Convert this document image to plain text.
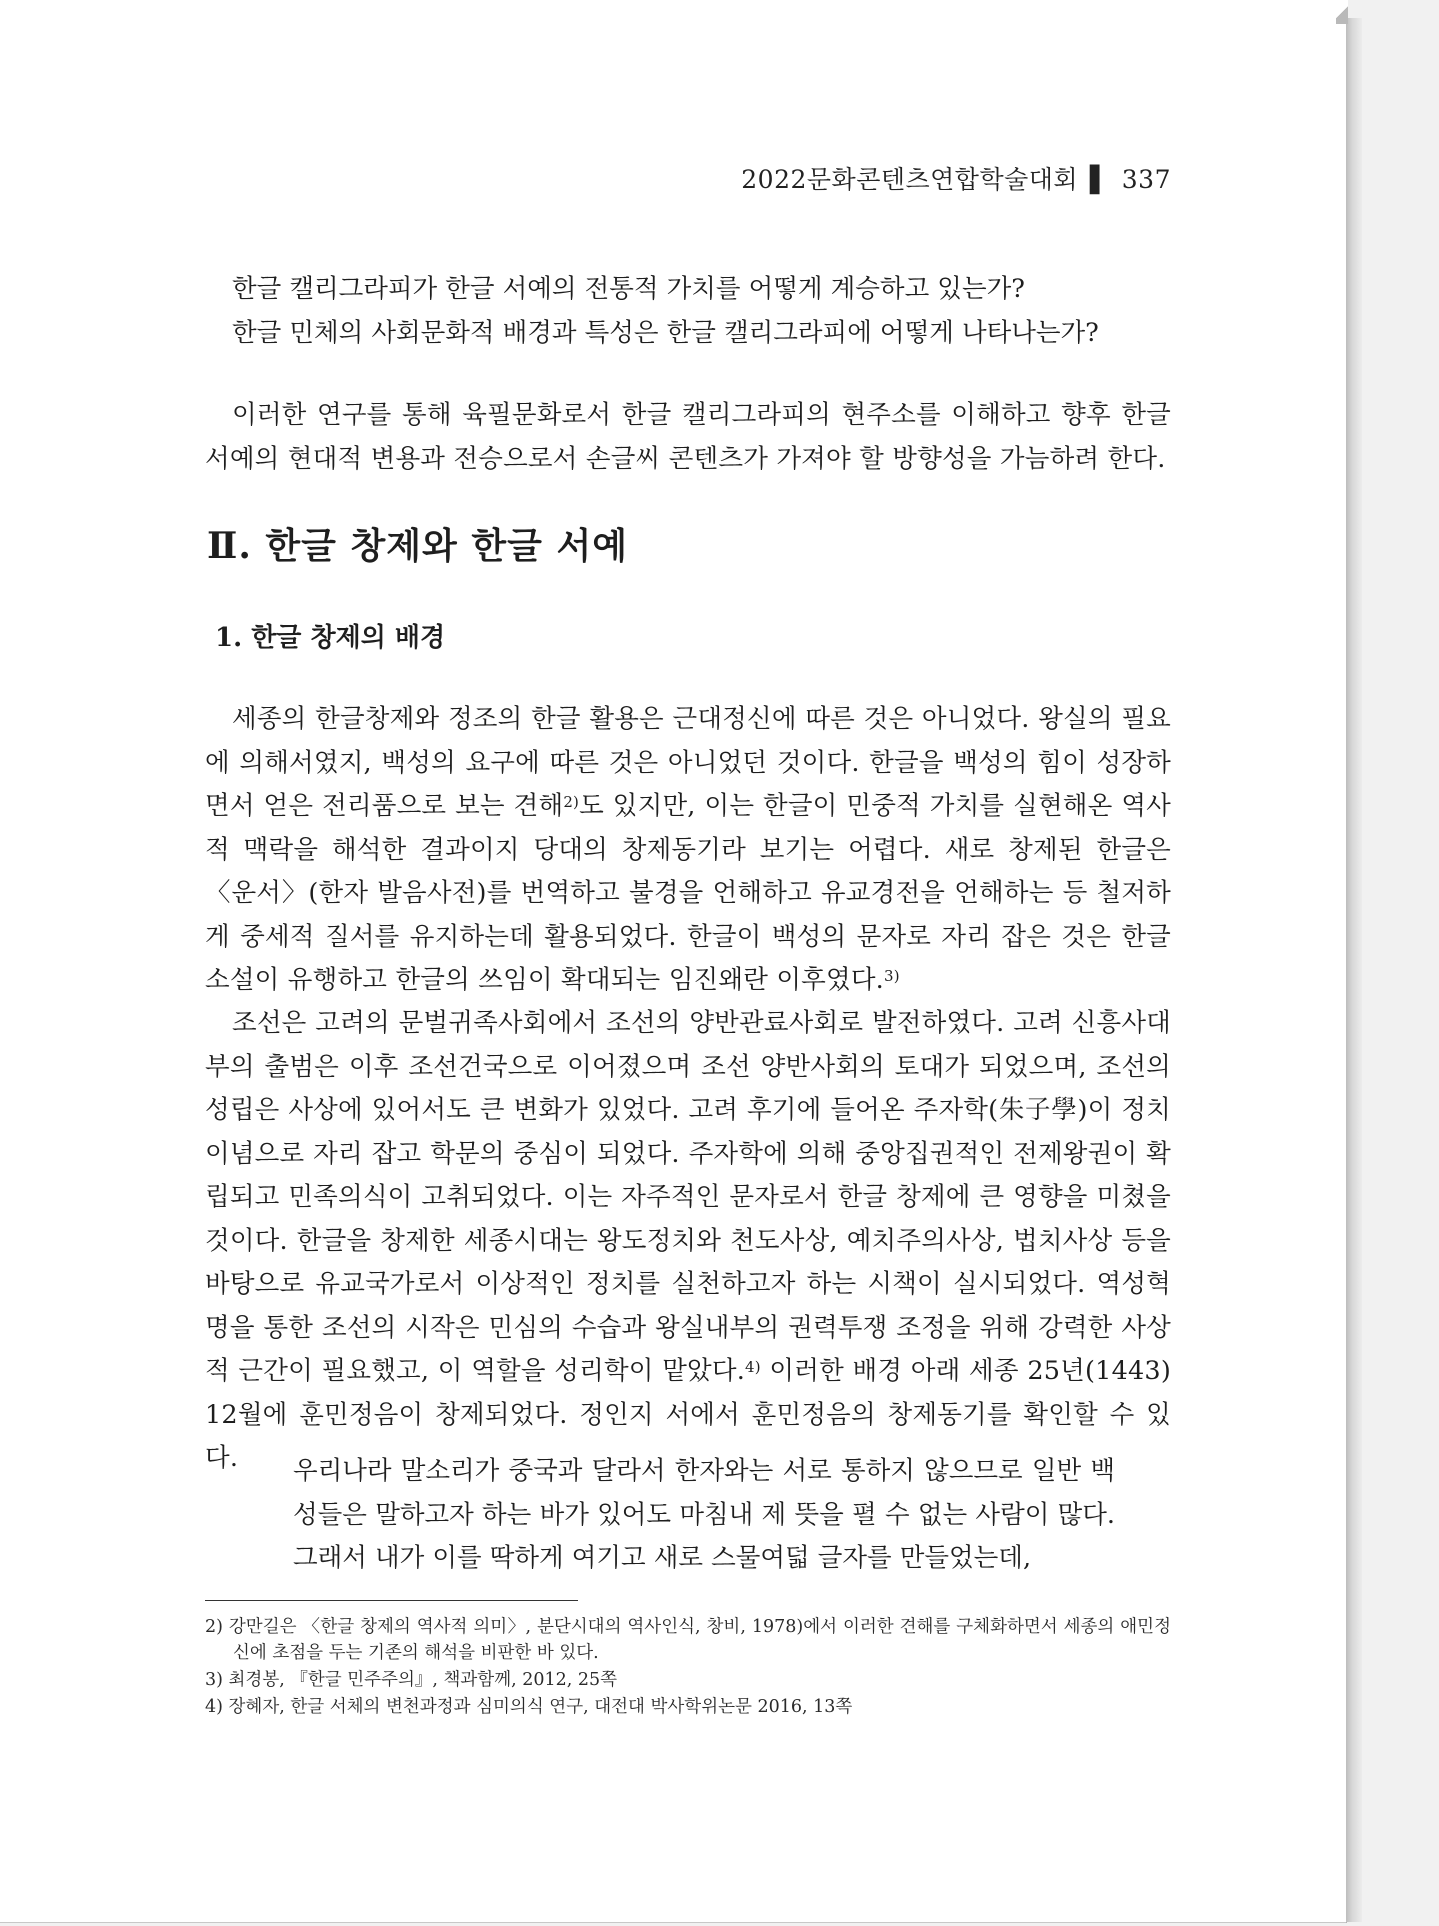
2022문화콘텐츠연합학술대회 ▌ 337

한글 캘리그라피가 한글 서예의 전통적 가치를 어떻게 계승하고 있는가?

한글 민체의 사회문화적 배경과 특성은 한글 캘리그라피에 어떻게 나타나는가?

이러한 연구를 통해 육필문화로서 한글 캘리그라피의 현주소를 이해하고 향후 한글 서예의 현대적 변용과 전승으로서 손글씨 콘텐츠가 가져야 할 방향성을 가늠하려 한다.

Ⅱ. 한글 창제와 한글 서예
1. 한글 창제의 배경

세종의 한글창제와 정조의 한글 활용은 근대정신에 따른 것은 아니었다. 왕실의 필요에 의해서였지, 백성의 요구에 따른 것은 아니었던 것이다. 한글을 백성의 힘이 성장하면서 얻은 전리품으로 보는 견해$^{2)}$도 있지만, 이는 한글이 민중적 가치를 실현해온 역사적 맥락을 해석한 결과이지 당대의 창제동기라 보기는 어렵다. 새로 창제된 한글은 〈운서〉(한자 발음사전)를 번역하고 불경을 언해하고 유교경전을 언해하는 등 철저하게 중세적 질서를 유지하는데 활용되었다. 한글이 백성의 문자로 자리 잡은 것은 한글 소설이 유행하고 한글의 쓰임이 확대되는 임진왜란 이후였다.$^{3)}$

조선은 고려의 문벌귀족사회에서 조선의 양반관료사회로 발전하였다. 고려 신흥사대부의 출범은 이후 조선건국으로 이어졌으며 조선 양반사회의 토대가 되었으며, 조선의 성립은 사상에 있어서도 큰 변화가 있었다. 고려 후기에 들어온 주자학(朱子學)이 정치이념으로 자리 잡고 학문의 중심이 되었다. 주자학에 의해 중앙집권적인 전제왕권이 확립되고 민족의식이 고취되었다. 이는 자주적인 문자로서 한글 창제에 큰 영향을 미쳤을 것이다. 한글을 창제한 세종시대는 왕도정치와 천도사상, 예치주의사상, 법치사상 등을 바탕으로 유교국가로서 이상적인 정치를 실천하고자 하는 시책이 실시되었다. 역성혁명을 통한 조선의 시작은 민심의 수습과 왕실내부의 권력투쟁 조정을 위해 강력한 사상적 근간이 필요했고, 이 역할을 성리학이 맡았다.$^{4)}$ 이러한 배경 아래 세종 25년(1443) 12월에 훈민정음이 창제되었다. 정인지 서에서 훈민정음의 창제동기를 확인할 수 있다.	우리나라 말소리가 중국과 달라서 한자와는 서로 통하지 않으므로 일반 백성들은 말하고자 하는 바가 있어도 마침내 제 뜻을 펼 수 없는 사람이 많다. 그래서 내가 이를 딱하게 여기고 새로 스물여덟 글자를 만들었는데,

2) 강만길은 〈한글 창제의 역사적 의미〉, 분단시대의 역사인식, 창비, 1978)에서 이러한 견해를 구체화하면서 세종의 애민정신에 초점을 두는 기존의 해석을 비판한 바 있다.

3) 최경봉, 『한글 민주주의』, 책과함께, 2012, 25쪽

4) 장혜자, 한글 서체의 변천과정과 심미의식 연구, 대전대 박사학위논문 2016, 13쪽
